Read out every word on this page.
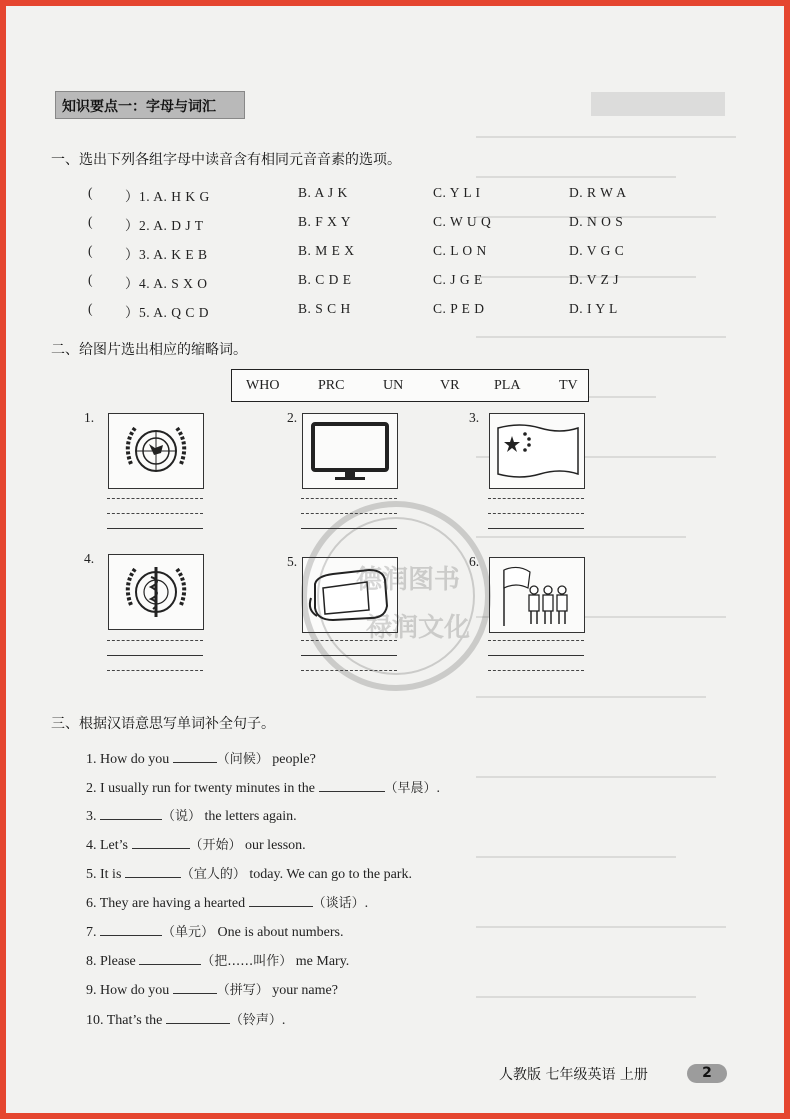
知识要点一：字母与词汇
一、选出下列各组字母中读音含有相同元音音素的选项。
( ）1. A. H K G	B. A J K	C. Y L I	D. R W A
( ）2. A. D J T	B. F X Y	C. W U Q	D. N O S
( ）3. A. K E B	B. M E X	C. L O N	D. V G C
( ）4. A. S X O	B. C D E	C. J G E	D. V Z J
( ）5. A. Q C D	B. S C H	C. P E D	D. I Y L
二、给图片选出相应的缩略词。
WHO	PRC	UN	VR PLA	TV
1.	2.	3.
4.	5.	6.
德润图书
禄润文化
三、根据汉语意思写单词补全句子。
1. How do you	（问候） people?
2. I usually run for twenty minutes in the	（早晨）.
3.	（说） the letters again.
4. Let’s	（开始） our lesson.
5. It is	（宜人的） today. We can go to the park.
6. They are having a hearted	（谈话）.
7.	（单元） One is about numbers.
8. Please	（把……叫作） me Mary.
9. How do you	（拼写） your name?
10. That’s the	（铃声）.
人教版 七年级英语 上册	2
